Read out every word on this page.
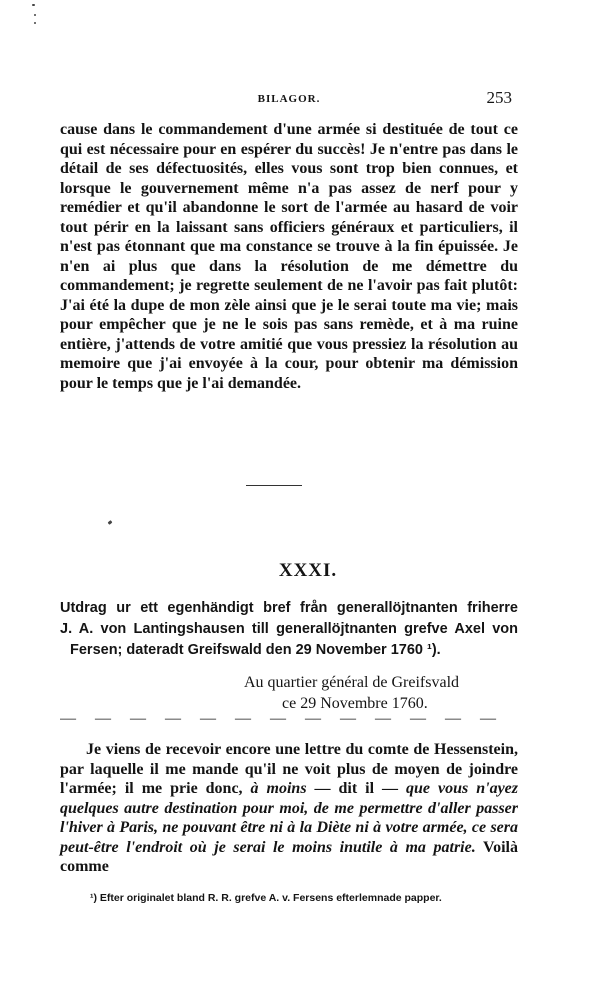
BILAGOR.	253

cause dans le commandement d'une armée si destituée de tout ce qui est nécessaire pour en espérer du succès! Je n'entre pas dans le détail de ses défectuosités, elles vous sont trop bien connues, et lorsque le gouvernement même n'a pas assez de nerf pour y remédier et qu'il abandonne le sort de l'armée au hasard de voir tout périr en la laissant sans officiers généraux et particuliers, il n'est pas étonnant que ma constance se trouve à la fin épuissée. Je n'en ai plus que dans la résolution de me démettre du commandement; je regrette seulement de ne l'avoir pas fait plutôt: J'ai été la dupe de mon zèle ainsi que je le serai toute ma vie; mais pour empêcher que je ne le sois pas sans remède, et à ma ruine entière, j'attends de votre amitié que vous pressiez la résolution au memoire que j'ai envoyée à la cour, pour obtenir ma démission pour le temps que je l'ai demandée.

XXXI.
Utdrag ur ett egenhändigt bref från generallöjtnanten friherre
J. A. von Lantingshausen till generallöjtnanten grefve Axel von
Fersen; dateradt Greifswald den 29 November 1760 ¹).
Au quartier général de Greifsvald
ce 29 Novembre 1760.
— — — — — — — — — — — — —

Je viens de recevoir encore une lettre du comte de Hessenstein, par laquelle il me mande qu'il ne voit plus de moyen de joindre l'armée; il me prie donc, à moins — dit il — que vous n'ayez quelques autre destination pour moi, de me permettre d'aller passer l'hiver à Paris, ne pouvant être ni à la Diète ni à votre armée, ce sera peut-être l'endroit où je serai le moins inutile à ma patrie. Voilà comme

¹) Efter originalet bland R. R. grefve A. v. Fersens efterlemnade papper.
